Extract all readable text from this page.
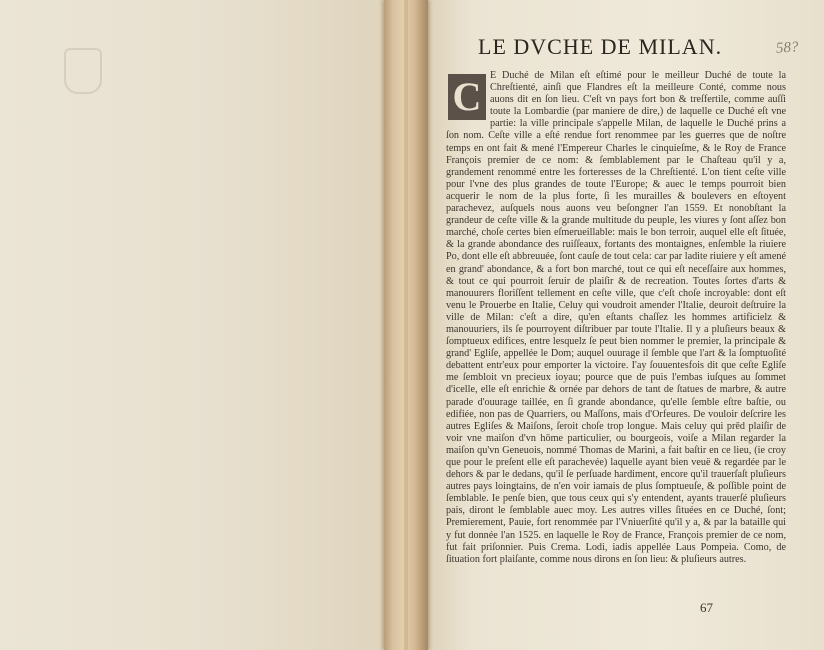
LE DVCHE DE MILAN.	58?
C E Duché de Milan eſt eſtimé pour le meilleur Duché de toute la Chreſtienté, ainſi que Flandres eſt la meilleure Conté, comme nous auons dit en ſon lieu. C'eſt vn pays fort bon & treſfertile, comme auſſi toute la Lombardie (par maniere de dire,) de laquelle ce Duché eſt vne partie: la ville principale s'appelle Milan, de laquelle le Duché prins a ſon nom. Ceſte ville a eſté rendue fort renommee par les guerres que de noſtre temps en ont fait & mené l'Empereur Charles le cinquieſme, & le Roy de France François premier de ce nom: & ſemblablement par le Chaſteau qu'il y a, grandement renommé entre les forteresses de la Chreſtienté. L'on tient ceſte ville pour l'vne des plus grandes de toute l'Europe; & auec le temps pourroit bien acquerir le nom de la plus forte, ſi les murailles & boulevers en eſtoyent parachevez, auſquels nous auons veu beſongner l'an 1559. Et nonobſtant la grandeur de ceſte ville & la grande multitude du peuple, les viures y ſont aſſez bon marché, choſe certes bien eſmerueillable: mais le bon terroir, auquel elle eſt ſituée, & la grande abondance des ruiſſeaux, fortants des montaignes, enſemble la riuiere Po, dont elle eſt abbreuuée, ſont cauſe de tout cela: car par ladite riuiere y eſt amené en grand' abondance, & a fort bon marché, tout ce qui eſt neceſſaire aux hommes, & tout ce qui pourroit ſeruir de plaiſir & de recreation. Toutes ſortes d'arts & manouurers floriſſent tellement en ceſte ville, que c'eſt choſe incroyable: dont eſt venu le Prouerbe en Italie, Celuy qui voudroit amender l'Italie, deuroit deſtruire la ville de Milan: c'eſt a dire, qu'en eſtants chaſſez les hommes artificielz & manouuriers, ils ſe pourroyent diſtribuer par toute l'Italie. Il y a pluſieurs beaux & ſomptueux edifices, entre lesquelz ſe peut bien nommer le premier, la principale & grand' Egliſe, appellée le Dom; auquel ouurage il ſemble que l'art & la ſomptuoſité debattent entr'eux pour emporter la victoire. I'ay ſouuentesfois dit que ceſte Egliſe me ſembloit vn precieux ioyau; pource que de puis l'embas iuſques au ſommet d'icelle, elle eſt enrichie & ornée par dehors de tant de ſtatues de marbre, & autre parade d'ouurage taillée, en ſi grande abondance, qu'elle ſemble eſtre baſtie, ou edifiée, non pas de Quarriers, ou Maſſons, mais d'Orfeures. De vouloir deſcrire les autres Egliſes & Maiſons, ſeroit choſe trop longue. Mais celuy qui prēd plaiſir de voir vne maiſon d'vn hōme particulier, ou bourgeois, voiſe a Milan regarder la maiſon qu'vn Geneuois, nommé Thomas de Marini, a fait baſtir en ce lieu, (ie croy que pour le preſent elle eſt parachevée) laquelle ayant bien veuë & regardée par le dehors & par le dedans, qu'il ſe perſuade hardiment, encore qu'il trauerſaſt pluſieurs autres pays loingtains, de n'en voir iamais de plus ſomptueuſe, & poſſible point de ſemblable. Ie penſe bien, que tous ceux qui s'y entendent, ayants trauerſé pluſieurs pais, diront le ſemblable auec moy. Les autres villes ſituées en ce Duché, ſont; Premierement, Pauie, fort renommée par l'Vniuerſité qu'il y a, & par la bataille qui y fut donnée l'an 1525. en laquelle le Roy de France, François premier de ce nom, fut fait priſonnier. Puis Crema. Lodi, iadis appellée Laus Pompeia. Como, de ſituation fort plaiſante, comme nous dirons en ſon lieu: & pluſieurs autres.

67
